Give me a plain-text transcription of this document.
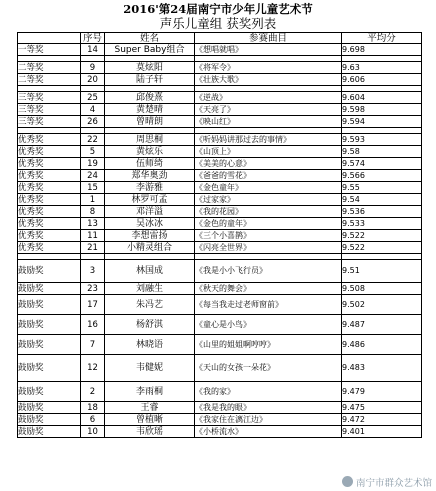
2016'第24届南宁市少年儿童艺术节
声乐儿童组 获奖列表
	序号	姓名	参赛曲目	平均分
一等奖	14	Super Baby组合	《想唱就唱》	9.698

二等奖	9	莫炫阳	《将军令》	9.63
二等奖	20	陆子轩	《壮族大歌》	9.606

三等奖	25	邱俊熹	《逆战》	9.604
三等奖	4	黄楚晴	《天亮了》	9.598
三等奖	26	曾晴朗	《映山红》	9.594

优秀奖	22	周思桐	《听妈妈讲那过去的事情》	9.593
优秀奖	5	黄炫乐	《山顶上》	9.58
优秀奖	19	伍师绮	《美美的心意》	9.574
优秀奖	24	郑华奥劲	《爸爸的雪花》	9.566
优秀奖	15	李游雅	《金色童年》	9.55
优秀奖	1	林罗可孟	《过家家》	9.54
优秀奖	8	邓洋溢	《我的花园》	9.536
优秀奖	13	吴冰冰	《金色的童年》	9.533
优秀奖	11	李想雷扬	《三个小喜鹊》	9.522
优秀奖	21	小精灵组合	《闪亮全世界》	9.522

鼓励奖	3	林国成	《我是小小飞行员》	9.51
鼓励奖	23	刘融生	《秋天的舞会》	9.508
鼓励奖	17	朱冯艺	《每当我走过老师窗前》	9.502
鼓励奖	16	杨舒淇	《童心是小鸟》	9.487
鼓励奖	7	林晓语	《山里的姐姐啊哼哼》	9.486
鼓励奖	12	韦健妮	《天山的女孩一朵花》	9.483
鼓励奖	2	李雨桐	《我的家》	9.479
鼓励奖	18	王睿	《我是我的眼》	9.475
鼓励奖	6	曾植晰	《我家住在漓江边》	9.472
鼓励奖	10	韦欣瑶	《小桥流水》	9.401
南宁市群众艺术馆
